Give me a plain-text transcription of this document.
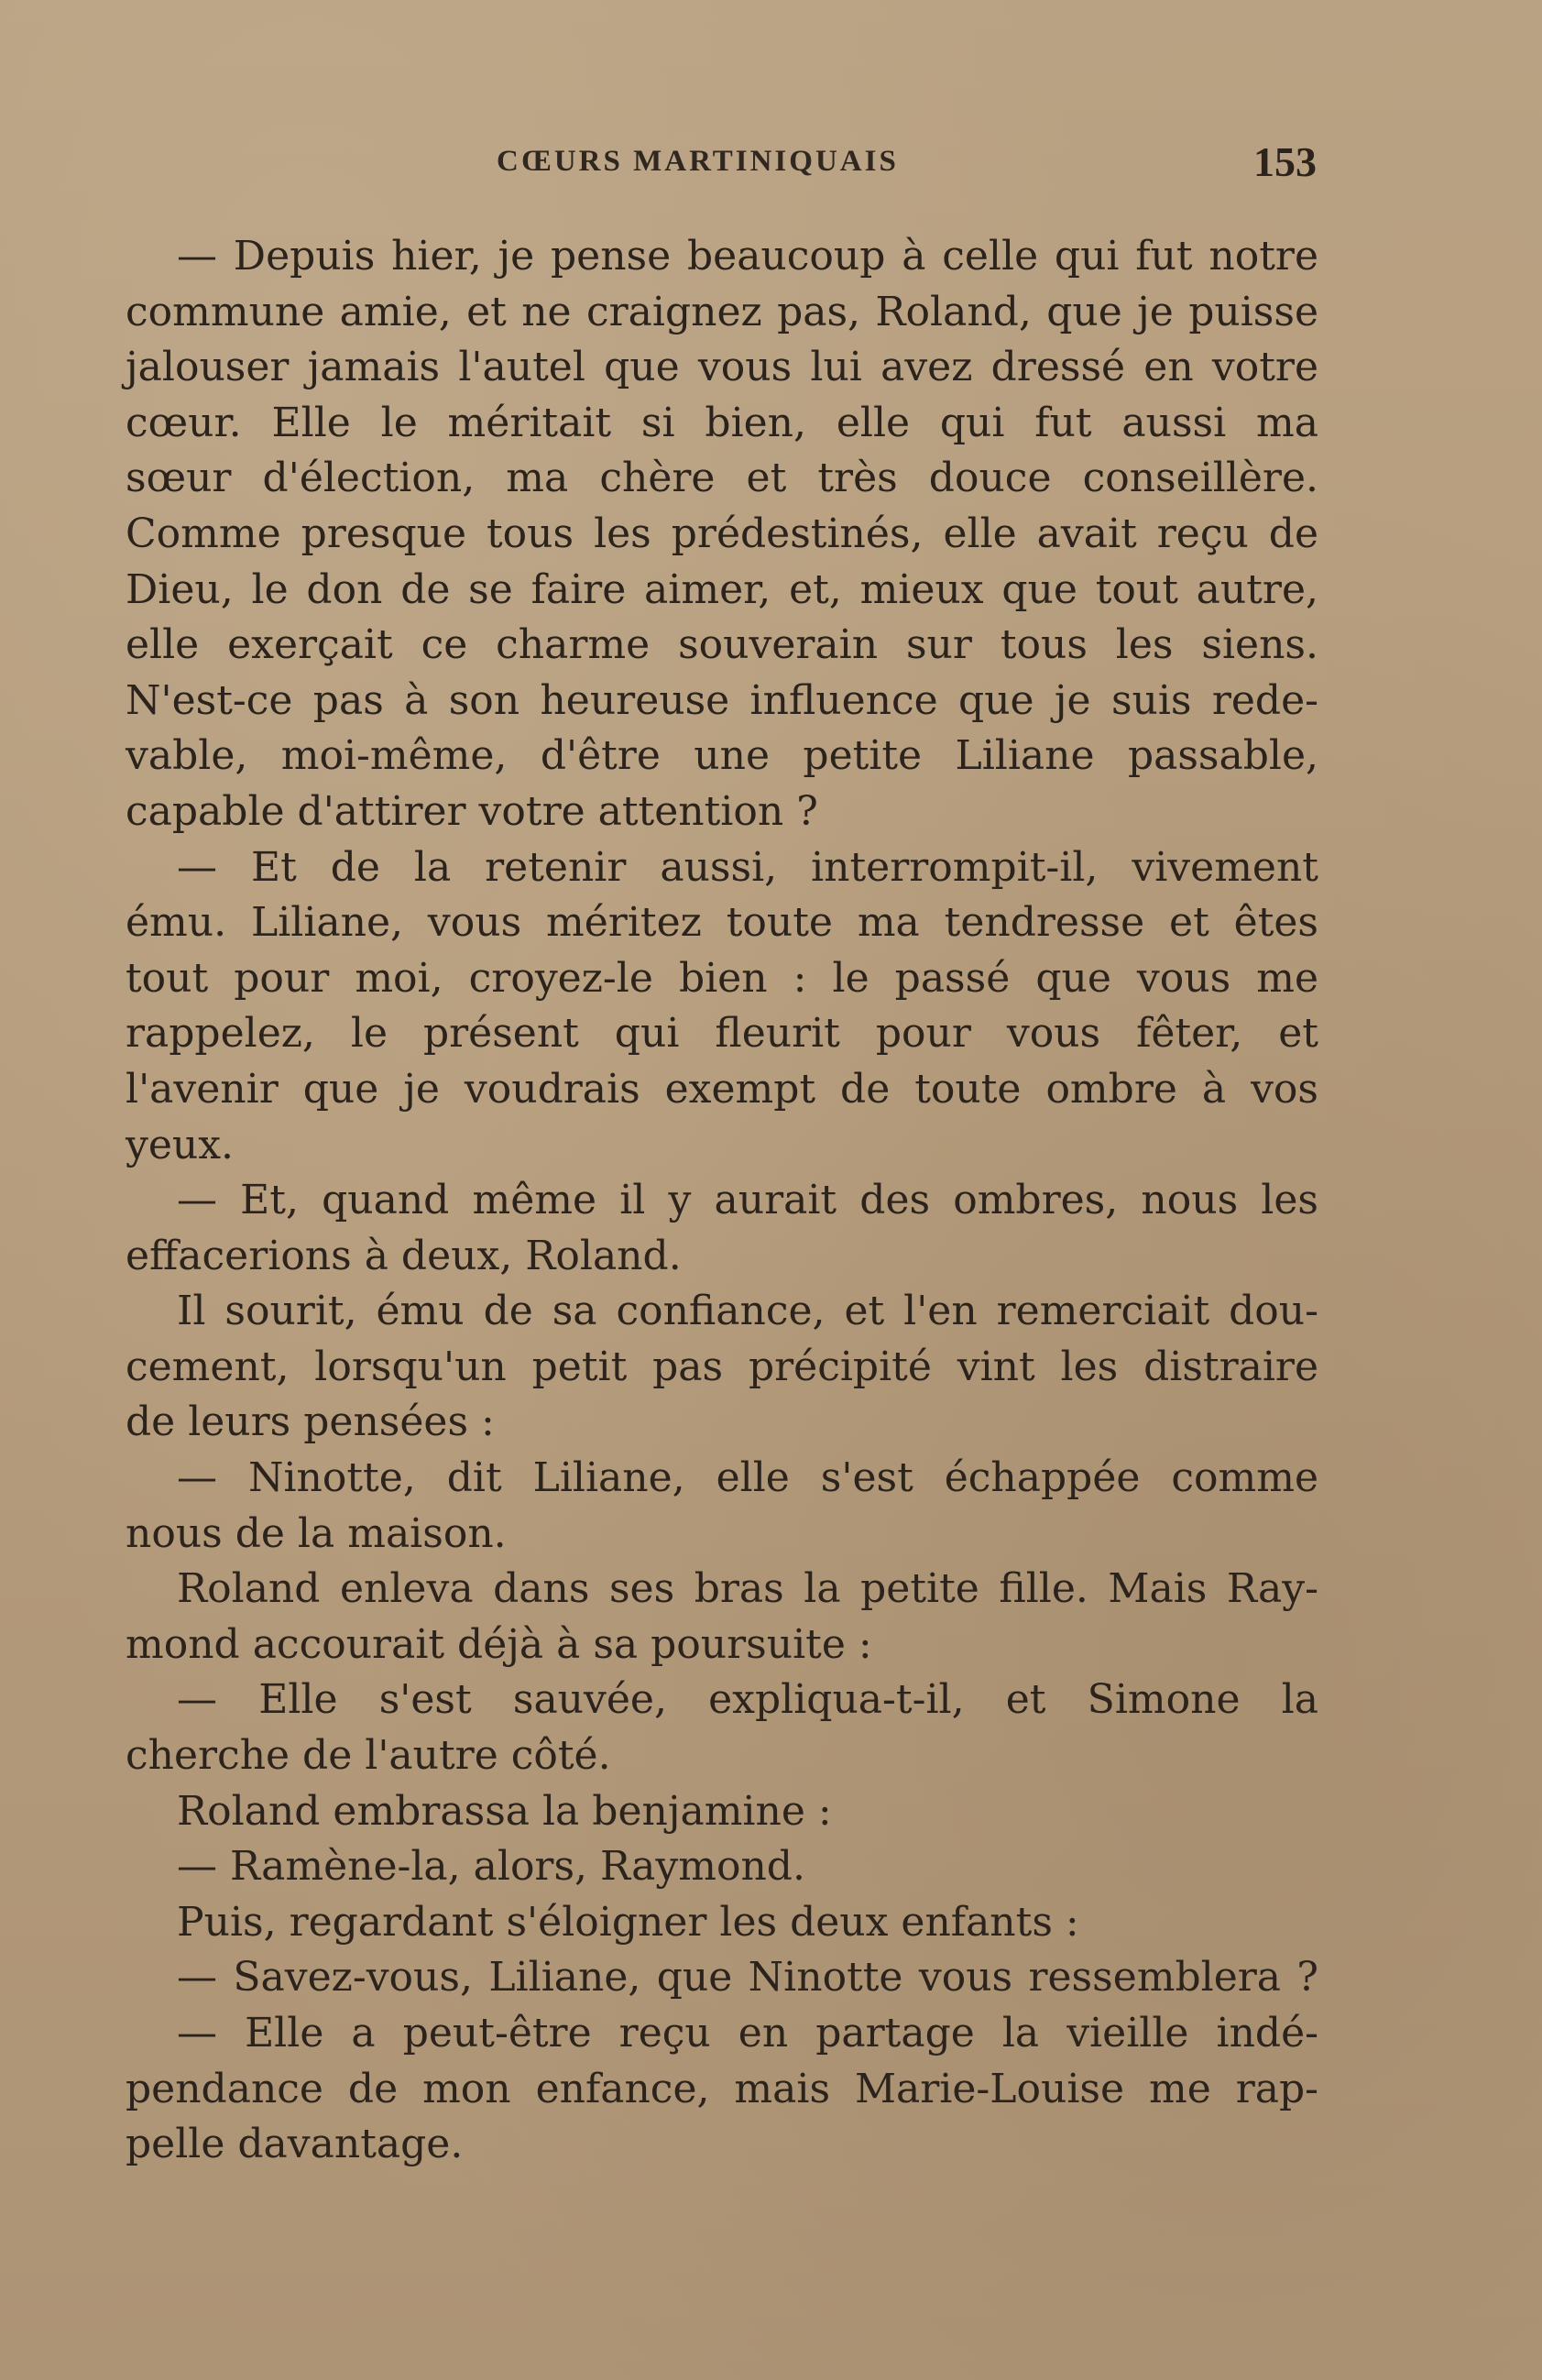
CŒURS MARTINIQUAIS	153
— Depuis hier, je pense beaucoup à celle qui fut notre
commune amie, et ne craignez pas, Roland, que je puisse
jalouser jamais l'autel que vous lui avez dressé en votre
cœur. Elle le méritait si bien, elle qui fut aussi ma
sœur d'élection, ma chère et très douce conseillère.
Comme presque tous les prédestinés, elle avait reçu de
Dieu, le don de se faire aimer, et, mieux que tout autre,
elle exerçait ce charme souverain sur tous les siens.
N'est-ce pas à son heureuse influence que je suis rede-
vable, moi-même, d'être une petite Liliane passable,
capable d'attirer votre attention ?
— Et de la retenir aussi, interrompit-il, vivement
ému. Liliane, vous méritez toute ma tendresse et êtes
tout pour moi, croyez-le bien : le passé que vous me
rappelez, le présent qui fleurit pour vous fêter, et
l'avenir que je voudrais exempt de toute ombre à vos
yeux.
— Et, quand même il y aurait des ombres, nous les
effacerions à deux, Roland.
Il sourit, ému de sa confiance, et l'en remerciait dou-
cement, lorsqu'un petit pas précipité vint les distraire
de leurs pensées :
— Ninotte, dit Liliane, elle s'est échappée comme
nous de la maison.
Roland enleva dans ses bras la petite fille. Mais Ray-
mond accourait déjà à sa poursuite :
— Elle s'est sauvée, expliqua-t-il, et Simone la
cherche de l'autre côté.
Roland embrassa la benjamine :
— Ramène-la, alors, Raymond.
Puis, regardant s'éloigner les deux enfants :
— Savez-vous, Liliane, que Ninotte vous ressemblera ?
— Elle a peut-être reçu en partage la vieille indé-
pendance de mon enfance, mais Marie-Louise me rap-
pelle davantage.
